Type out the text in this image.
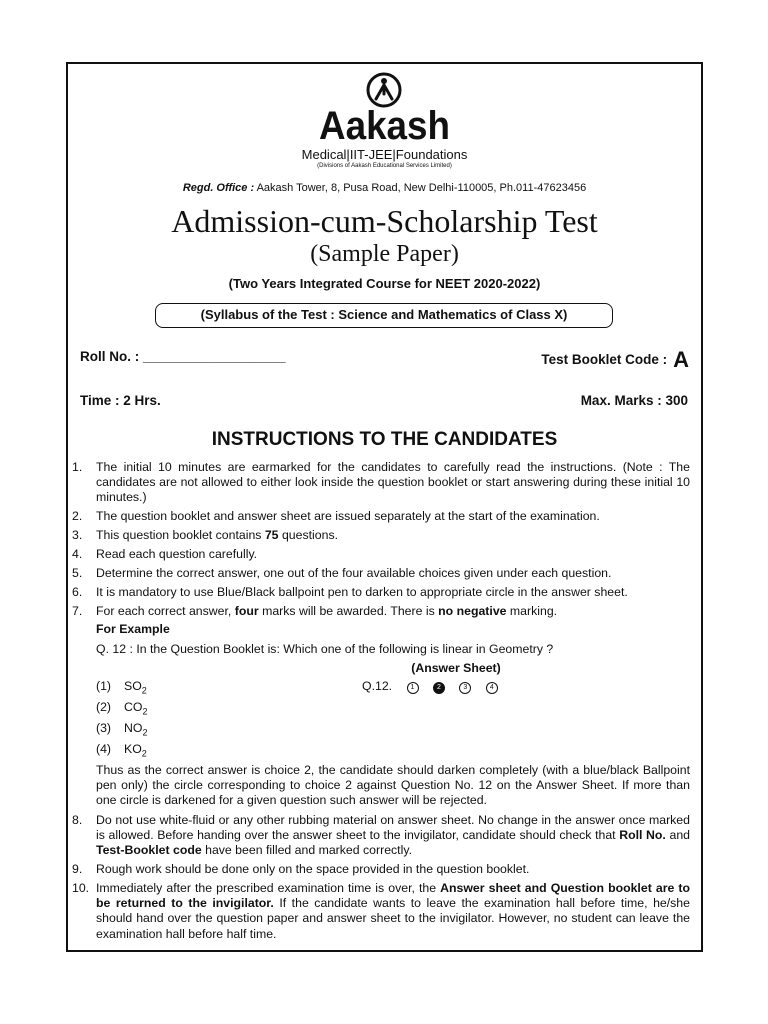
Aakash
Medical|IIT-JEE|Foundations
(Divisions of Aakash Educational Services Limited)
Regd. Office : Aakash Tower, 8, Pusa Road, New Delhi-110005, Ph.011-47623456
Admission-cum-Scholarship Test
(Sample Paper)
(Two Years Integrated Course for NEET 2020-2022)
(Syllabus of the Test : Science and Mathematics of Class X)
Roll No. : ___________________	Test Booklet Code : A
Time : 2 Hrs.	Max. Marks : 300
INSTRUCTIONS TO THE CANDIDATES
1. The initial 10 minutes are earmarked for the candidates to carefully read the instructions. (Note : The candidates are not allowed to either look inside the question booklet or start answering during these initial 10 minutes.)
2. The question booklet and answer sheet are issued separately at the start of the examination.
3. This question booklet contains 75 questions.
4. Read each question carefully.
5. Determine the correct answer, one out of the four available choices given under each question.
6. It is mandatory to use Blue/Black ballpoint pen to darken to appropriate circle in the answer sheet.
7. For each correct answer, four marks will be awarded. There is no negative marking.
For Example
Q. 12 : In the Question Booklet is: Which one of the following is linear in Geometry ?
(Answer Sheet)
(1) $SO_2$	Q.12.	1	2	3	4
(2) $CO_2$
(3) $NO_2$
(4) $KO_2$
Thus as the correct answer is choice 2, the candidate should darken completely (with a blue/black Ballpoint pen only) the circle corresponding to choice 2 against Question No. 12 on the Answer Sheet. If more than one circle is darkened for a given question such answer will be rejected.
8. Do not use white-fluid or any other rubbing material on answer sheet. No change in the answer once marked is allowed. Before handing over the answer sheet to the invigilator, candidate should check that Roll No. and Test-Booklet code have been filled and marked correctly.
9. Rough work should be done only on the space provided in the question booklet.
10. Immediately after the prescribed examination time is over, the Answer sheet and Question booklet are to be returned to the invigilator. If the candidate wants to leave the examination hall before time, he/she should hand over the question paper and answer sheet to the invigilator. However, no student can leave the examination hall before half time.
